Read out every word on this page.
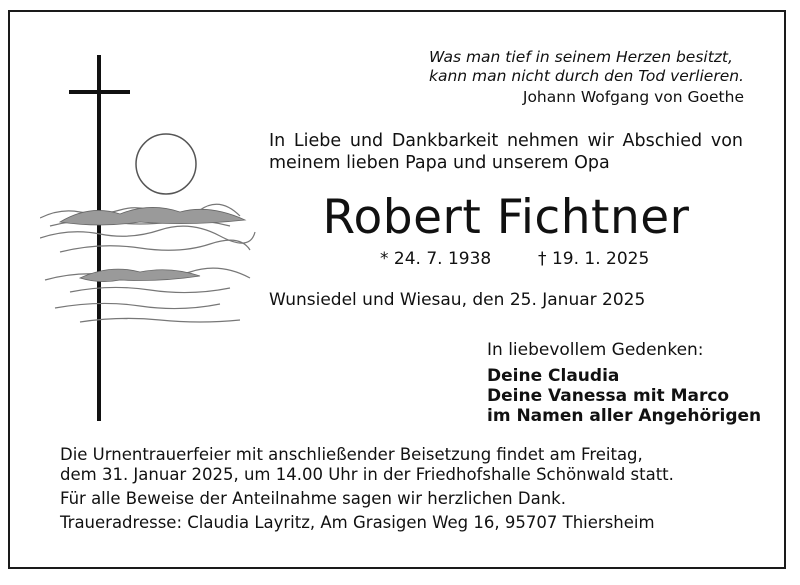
Was man tief in seinem Herzen besitzt,
kann man nicht durch den Tod verlieren.
Johann Wofgang von Goethe
In Liebe und Dankbarkeit nehmen wir Abschied von
meinem lieben Papa und unserem Opa
Robert Fichtner
* 24. 7. 1938	† 19. 1. 2025
Wunsiedel und Wiesau, den 25. Januar 2025
In liebevollem Gedenken:
Deine Claudia
Deine Vanessa mit Marco
im Namen aller Angehörigen
Die Urnentrauerfeier mit anschließender Beisetzung findet am Freitag,
dem 31. Januar 2025, um 14.00 Uhr in der Friedhofshalle Schönwald statt.
Für alle Beweise der Anteilnahme sagen wir herzlichen Dank.
Traueradresse: Claudia Layritz, Am Grasigen Weg 16, 95707 Thiersheim
